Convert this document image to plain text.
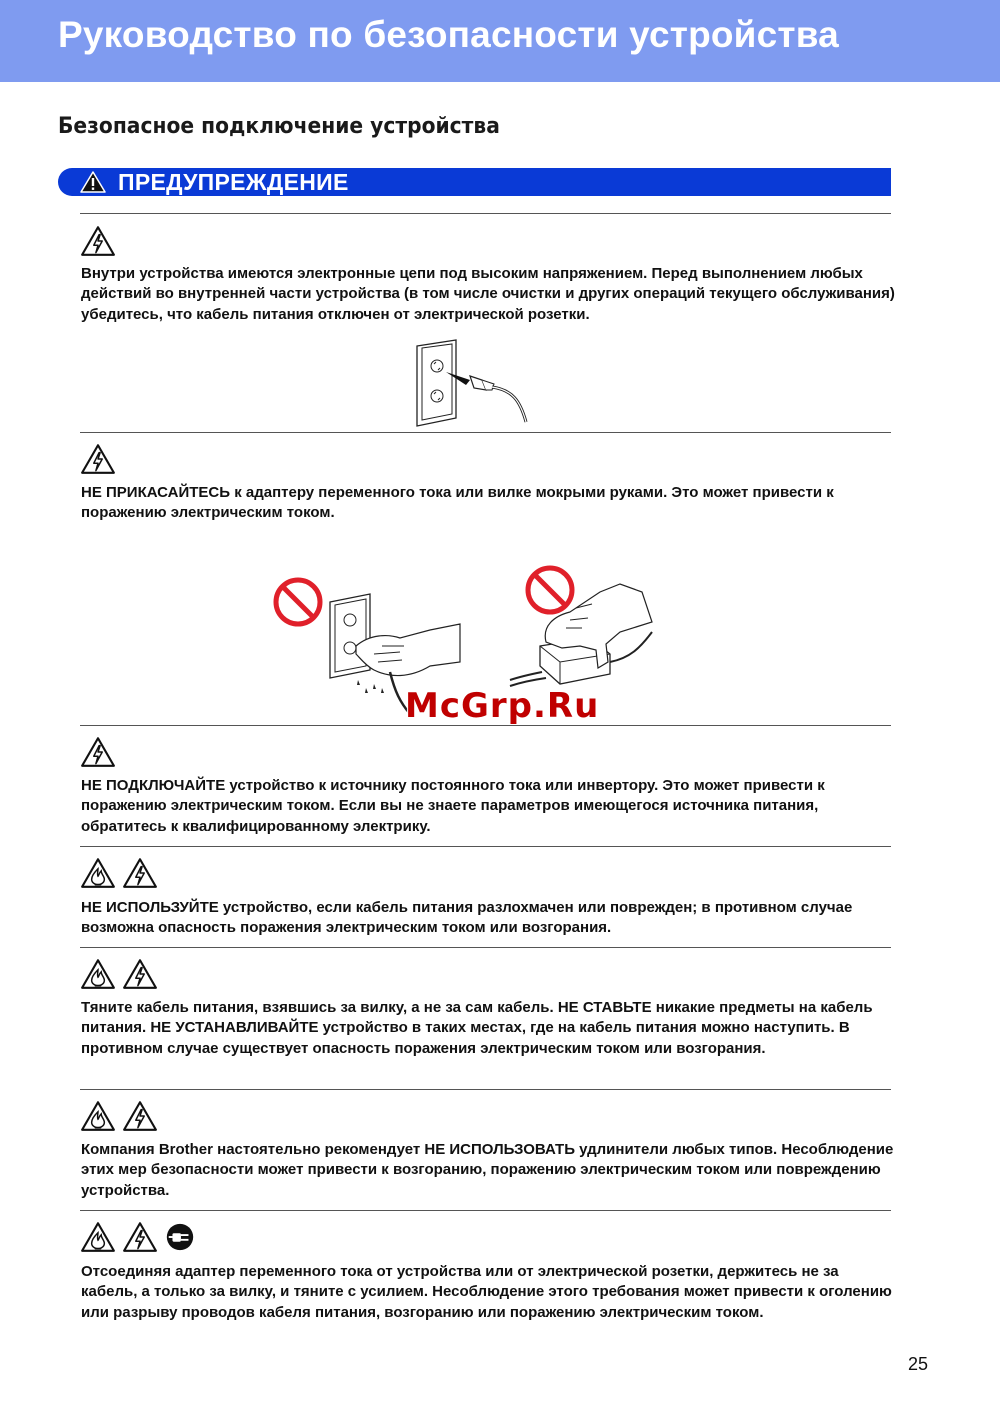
Руководство по безопасности устройства
Безопасное подключение устройства
ПРЕДУПРЕЖДЕНИЕ

Внутри устройства имеются электронные цепи под высоким напряжением. Перед выполнением любых действий во внутренней части устройства (в том числе очистки и других операций текущего обслуживания) убедитесь, что кабель питания отключен от электрической розетки.

НЕ ПРИКАСАЙТЕСЬ к адаптеру переменного тока или вилке мокрыми руками. Это может привести к поражению электрическим током.

McGrp.Ru

НЕ ПОДКЛЮЧАЙТЕ устройство к источнику постоянного тока или инвертору. Это может привести к поражению электрическим током. Если вы не знаете параметров имеющегося источника питания, обратитесь к квалифицированному электрику.

НЕ ИСПОЛЬЗУЙТЕ устройство, если кабель питания разлохмачен или поврежден; в противном случае возможна опасность поражения электрическим током или возгорания.

Тяните кабель питания, взявшись за вилку, а не за сам кабель. НЕ СТАВЬТЕ никакие предметы на кабель питания. НЕ УСТАНАВЛИВАЙТЕ устройство в таких местах, где на кабель питания можно наступить. В противном случае существует опасность поражения электрическим током или возгорания.

Компания Brother настоятельно рекомендует НЕ ИСПОЛЬЗОВАТЬ удлинители любых типов. Несоблюдение этих мер безопасности может привести к возгоранию, поражению электрическим током или повреждению устройства.

Отсоединяя адаптер переменного тока от устройства или от электрической розетки, держитесь не за кабель, а только за вилку, и тяните с усилием. Несоблюдение этого требования может привести к оголению или разрыву проводов кабеля питания, возгоранию или поражению электрическим током.

25
